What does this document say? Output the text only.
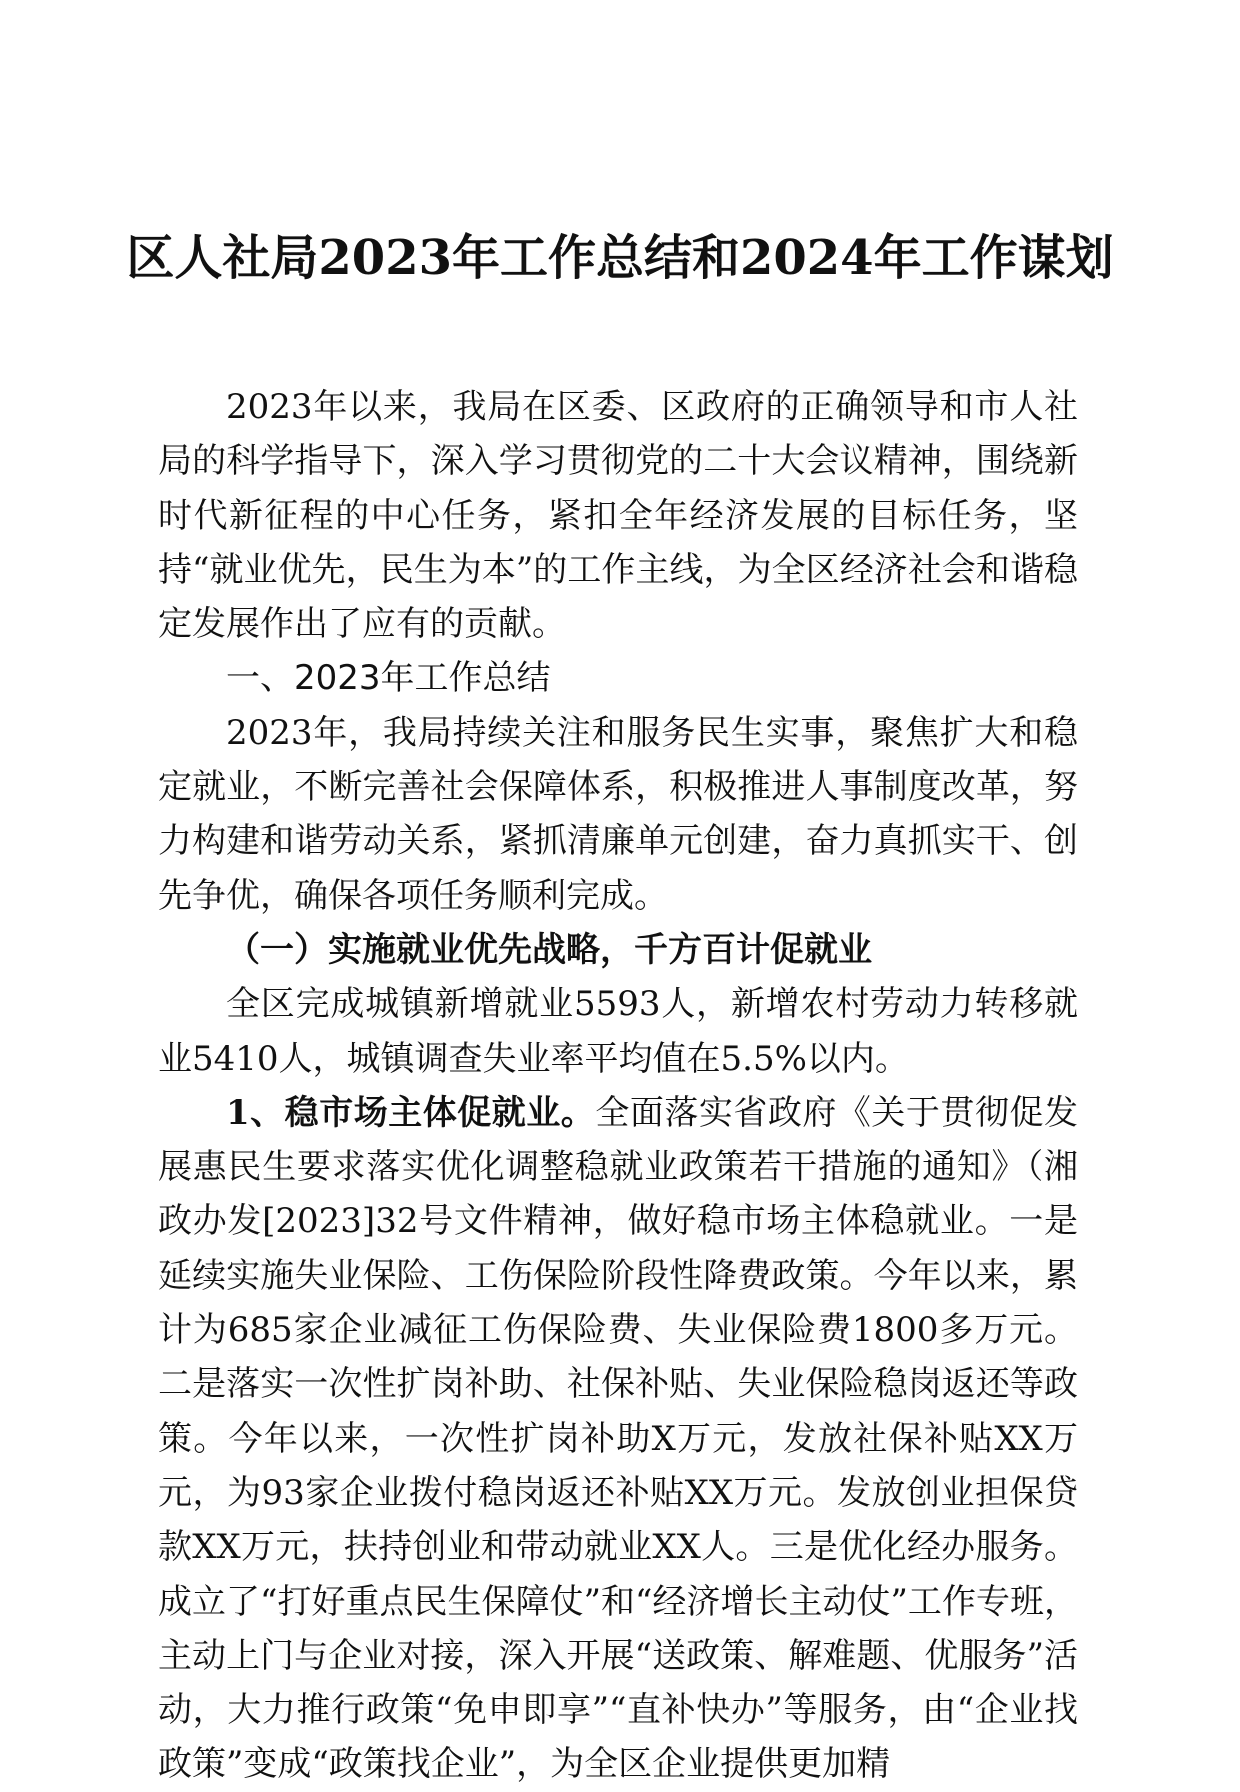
区人社局2023年工作总结和2024年工作谋划

2023年以来，我局在区委、区政府的正确领导和市人社局的科学指导下，深入学习贯彻党的二十大会议精神，围绕新时代新征程的中心任务，紧扣全年经济发展的目标任务，坚持“就业优先，民生为本”的工作主线，为全区经济社会和谐稳定发展作出了应有的贡献。

一、2023年工作总结

2023年，我局持续关注和服务民生实事，聚焦扩大和稳定就业，不断完善社会保障体系，积极推进人事制度改革，努力构建和谐劳动关系，紧抓清廉单元创建，奋力真抓实干、创先争优，确保各项任务顺利完成。

（一）实施就业优先战略，千方百计促就业

全区完成城镇新增就业5593人，新增农村劳动力转移就业5410人，城镇调查失业率平均值在5.5%以内。

1、稳市场主体促就业。全面落实省政府《关于贯彻促发展惠民生要求落实优化调整稳就业政策若干措施的通知》（湘政办发[2023]32号文件精神，做好稳市场主体稳就业。一是延续实施失业保险、工伤保险阶段性降费政策。今年以来，累计为685家企业减征工伤保险费、失业保险费1800多万元。二是落实一次性扩岗补助、社保补贴、失业保险稳岗返还等政策。今年以来，一次性扩岗补助X万元，发放社保补贴XX万元，为93家企业拨付稳岗返还补贴XX万元。发放创业担保贷款XX万元，扶持创业和带动就业XX人。三是优化经办服务。成立了“打好重点民生保障仗”和“经济增长主动仗”工作专班，主动上门与企业对接，深入开展“送政策、解难题、优服务”活动，大力推行政策“免申即享”“直补快办”等服务，由“企业找政策”变成“政策找企业”，为全区企业提供更加精
